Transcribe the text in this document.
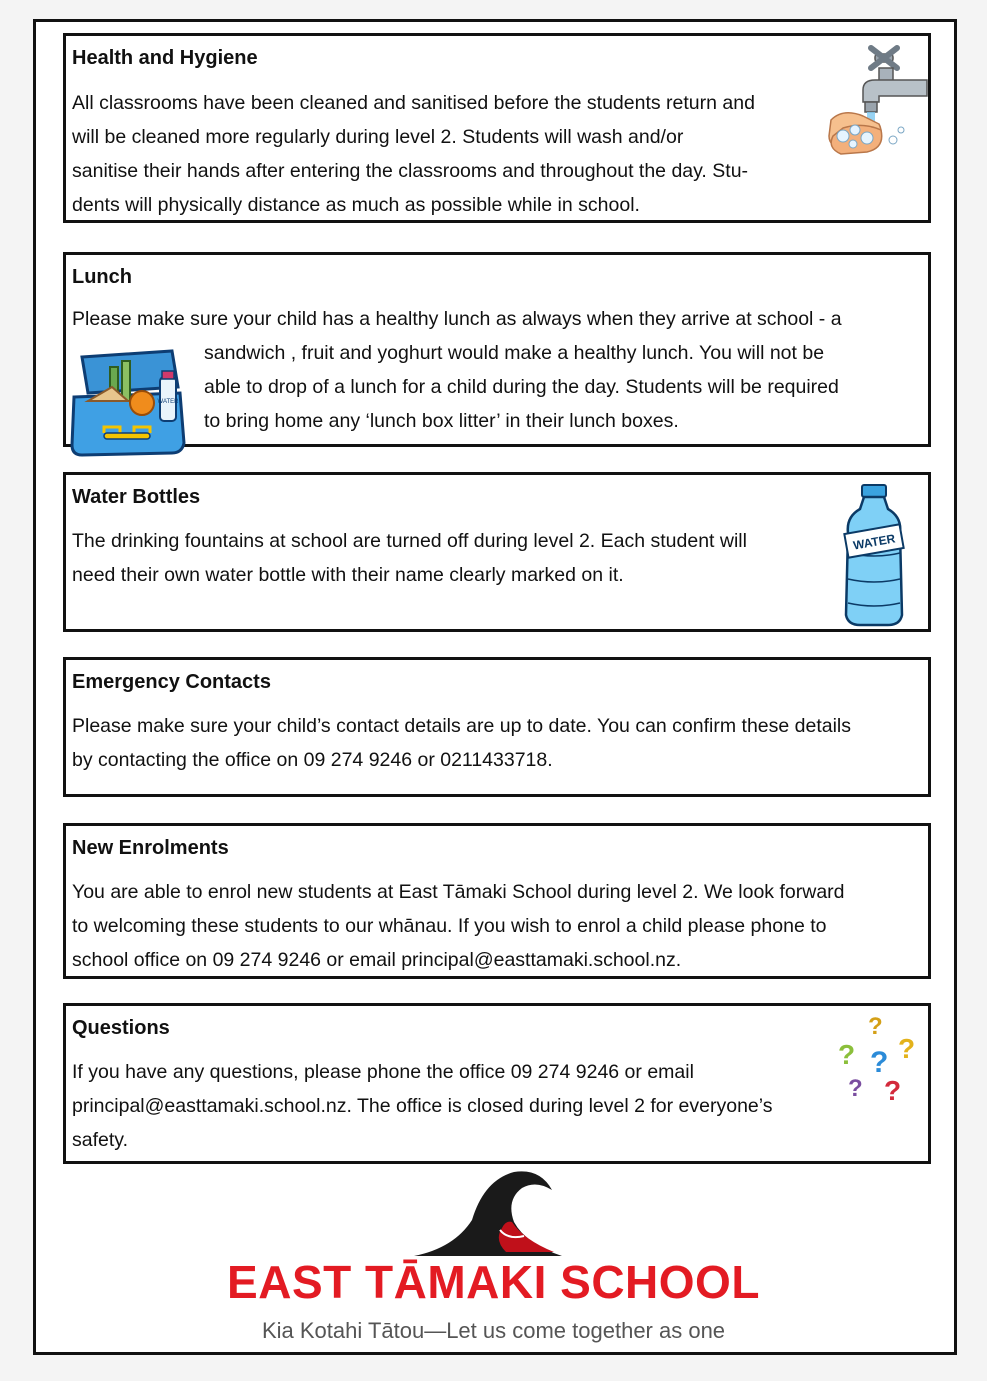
Health and Hygiene

All classrooms have been cleaned and sanitised before the students return and

will be cleaned more regularly during level 2. Students will wash and/or

sanitise their hands after entering the classrooms and throughout the day. Stu-

dents will physically distance as much as possible while in school.

Lunch

Please make sure your child has a healthy lunch as always when they arrive at school - a

sandwich , fruit and yoghurt would make a healthy lunch. You will not be

able to drop of a lunch for a child during the day. Students will be required

to bring home any ‘lunch box litter’ in their lunch boxes.

WATER
Water Bottles

The drinking fountains at school are turned off during level 2. Each student will

need their own water bottle with their name clearly marked on it.

WATER
Emergency Contacts

Please make sure your child’s contact details are up to date. You can confirm these details

by contacting the office on 09 274 9246 or 0211433718.

New Enrolments

You are able to enrol new students at East Tāmaki School during level 2. We look forward

to welcoming these students to our whānau. If you wish to enrol a child please phone to

school office on 09 274 9246 or email principal@easttamaki.school.nz.

Questions

If you have any questions, please phone the office 09 274 9246 or email

principal@easttamaki.school.nz. The office is closed during level 2 for everyone’s

safety.

?
? ?
?
? ?
EAST TĀMAKI SCHOOL
Kia Kotahi Tātou—Let us come together as one
